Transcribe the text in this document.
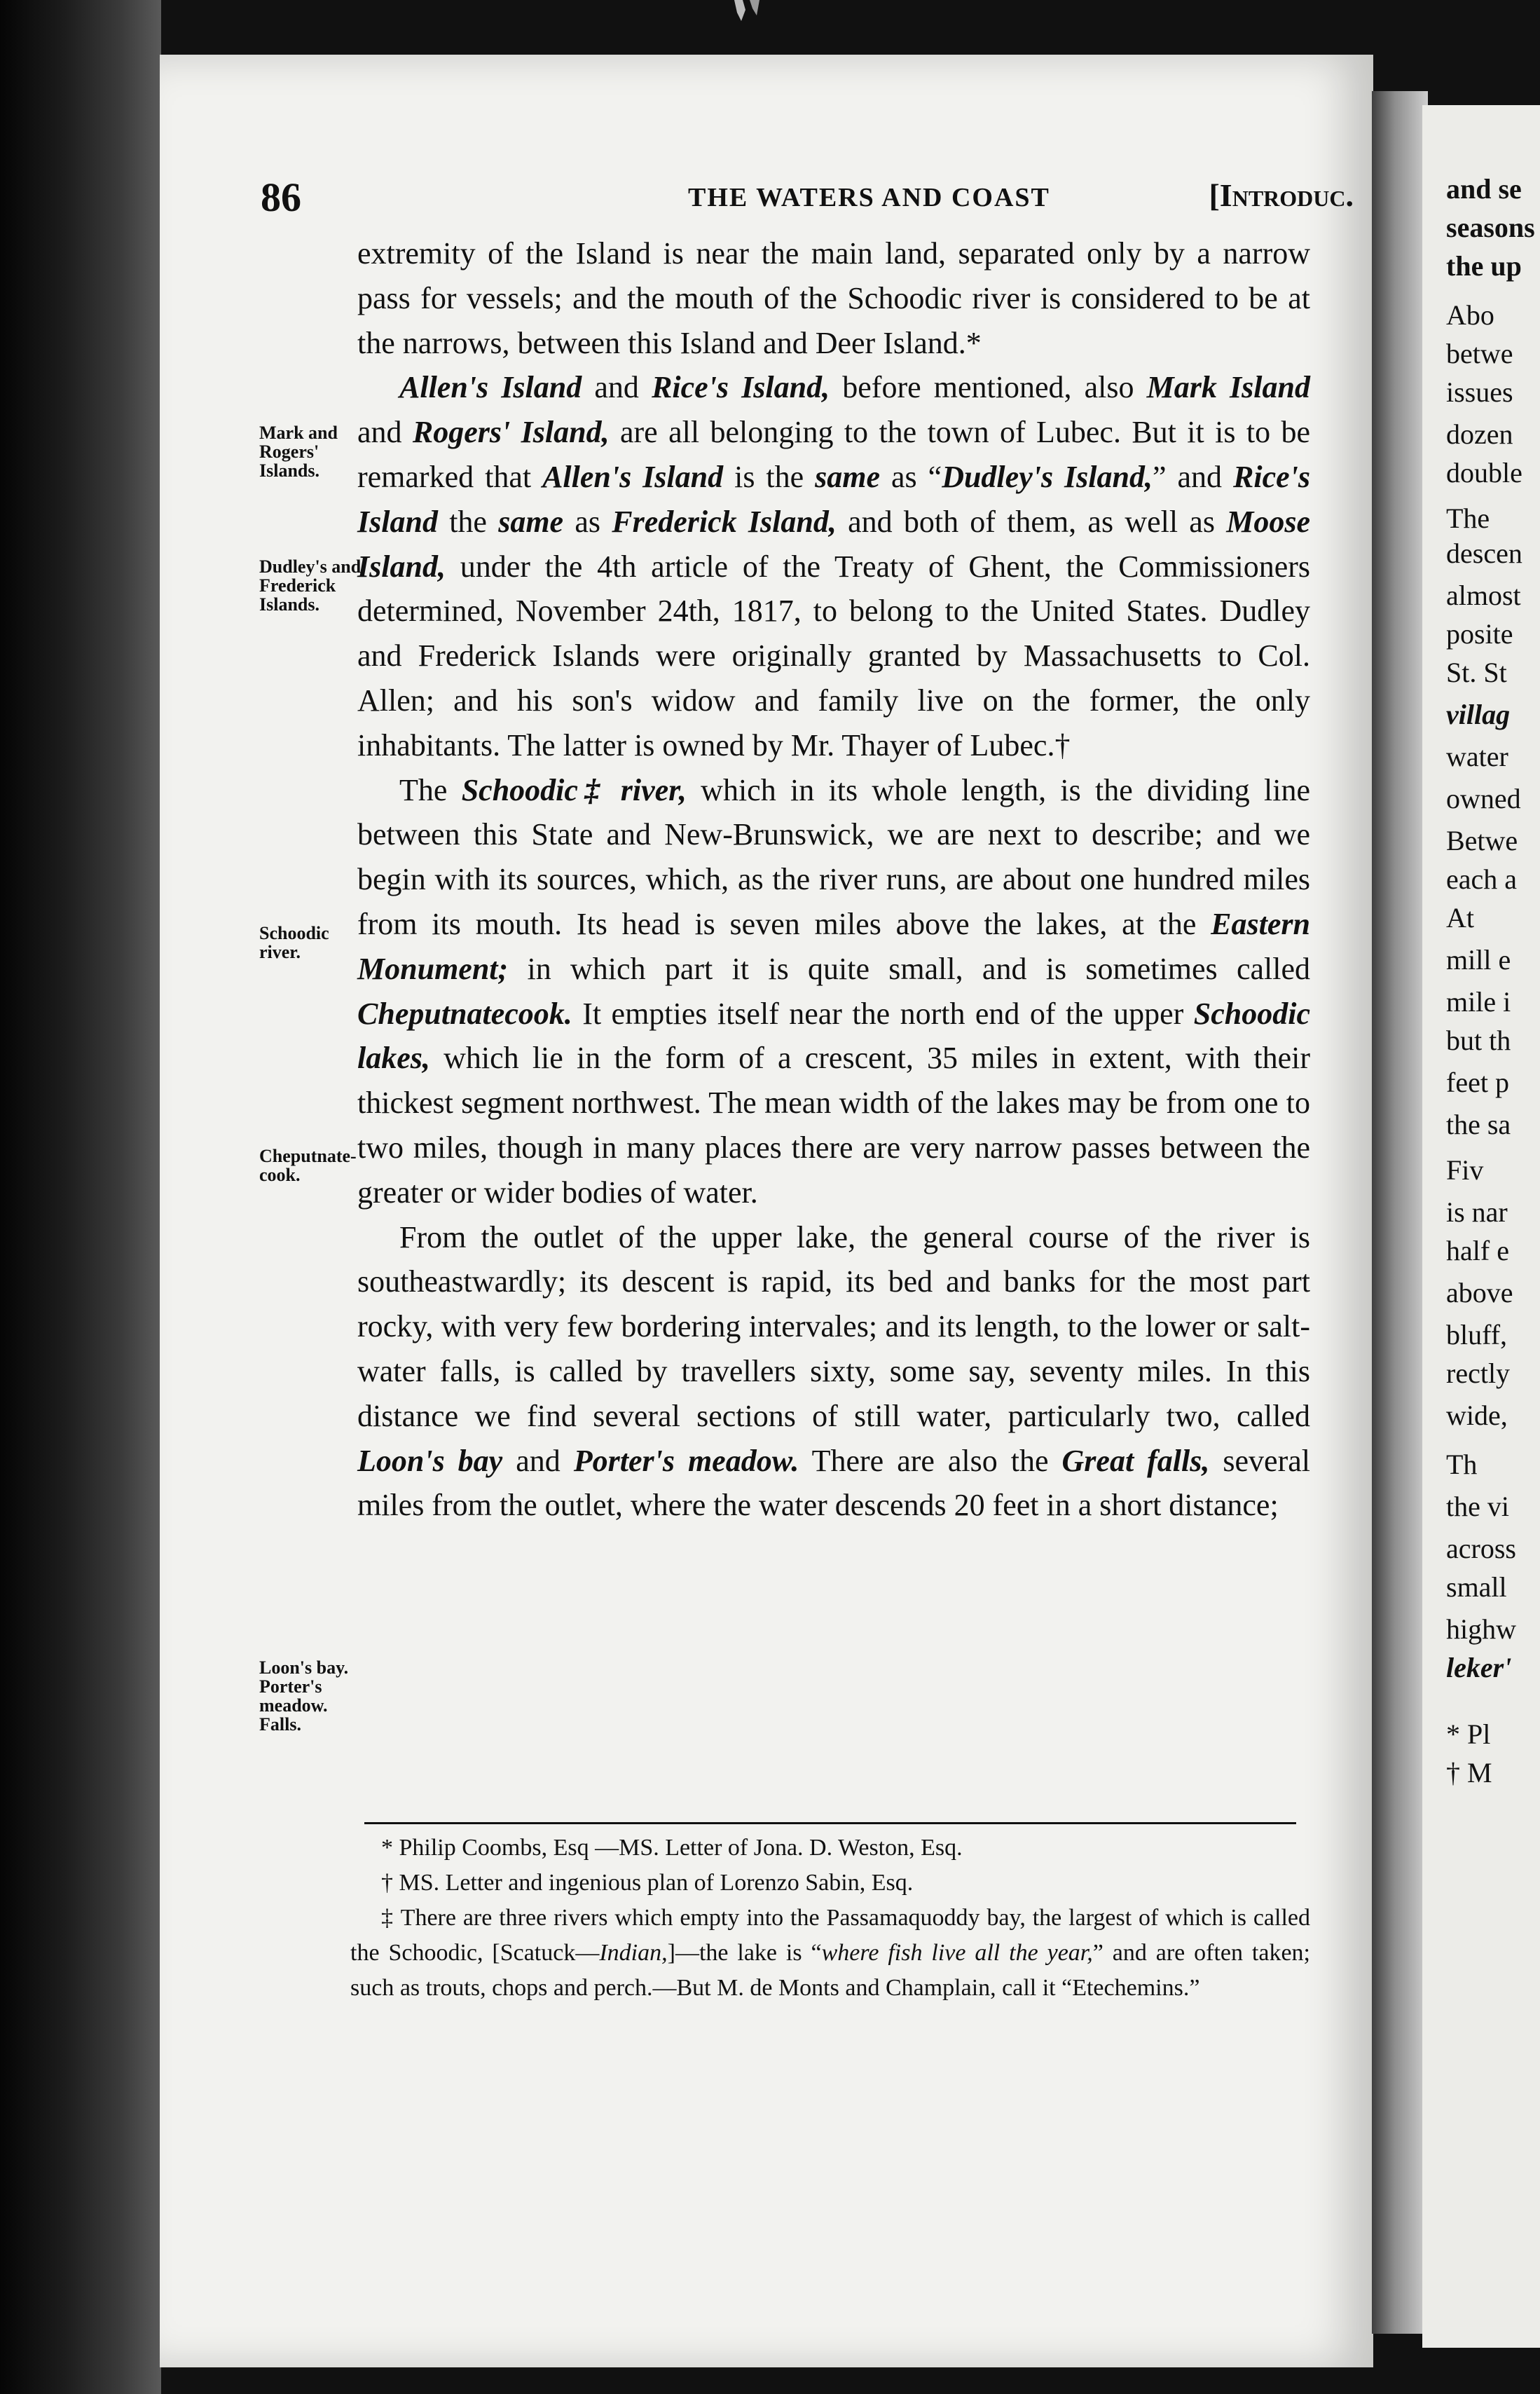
and se
seasons
the up
Abo
betwe
issues
dozen
double
The
descen
almost
posite
St. St
villag
water
owned
Betwe
each a
At
mill e
mile i
but th
feet p
the sa
Fiv
is nar
half e
above
bluff,
rectly
wide,
Th
the vi
across
small
highw
leker'
* Pl
† M
86	THE WATERS AND COAST	[Introduc.
Mark and Rogers' Islands.
Dudley's and Frederick Islands.
Schoodic river.
Cheputnate-cook.
Loon's bay. Porter's meadow. Falls.

extremity of the Island is near the main land, separated only by a narrow pass for vessels; and the mouth of the Schoodic river is considered to be at the narrows, between this Island and Deer Island.*

Allen's Island and Rice's Island, before mentioned, also Mark Island and Rogers' Island, are all belonging to the town of Lubec. But it is to be remarked that Allen's Island is the same as “Dudley's Island,” and Rice's Island the same as Frederick Island, and both of them, as well as Moose Island, under the 4th article of the Treaty of Ghent, the Commissioners determined, November 24th, 1817, to belong to the United States. Dudley and Frederick Islands were originally granted by Massachusetts to Col. Allen; and his son's widow and family live on the former, the only inhabitants. The latter is owned by Mr. Thayer of Lubec.†

The Schoodic‡ river, which in its whole length, is the dividing line between this State and New-Brunswick, we are next to describe; and we begin with its sources, which, as the river runs, are about one hundred miles from its mouth. Its head is seven miles above the lakes, at the Eastern Monument; in which part it is quite small, and is sometimes called Cheputnatecook. It empties itself near the north end of the upper Schoodic lakes, which lie in the form of a crescent, 35 miles in extent, with their thickest segment northwest. The mean width of the lakes may be from one to two miles, though in many places there are very narrow passes between the greater or wider bodies of water.

From the outlet of the upper lake, the general course of the river is southeastwardly; its descent is rapid, its bed and banks for the most part rocky, with very few bordering intervales; and its length, to the lower or salt-water falls, is called by travellers sixty, some say, seventy miles. In this distance we find several sections of still water, particularly two, called Loon's bay and Porter's meadow. There are also the Great falls, several miles from the outlet, where the water descends 20 feet in a short distance;

* Philip Coombs, Esq —MS. Letter of Jona. D. Weston, Esq.

† MS. Letter and ingenious plan of Lorenzo Sabin, Esq.

‡ There are three rivers which empty into the Passamaquoddy bay, the largest of which is called the Schoodic, [Scatuck—Indian,]—the lake is “where fish live all the year,” and are often taken; such as trouts, chops and perch.—But M. de Monts and Champlain, call it “Etechemins.”
